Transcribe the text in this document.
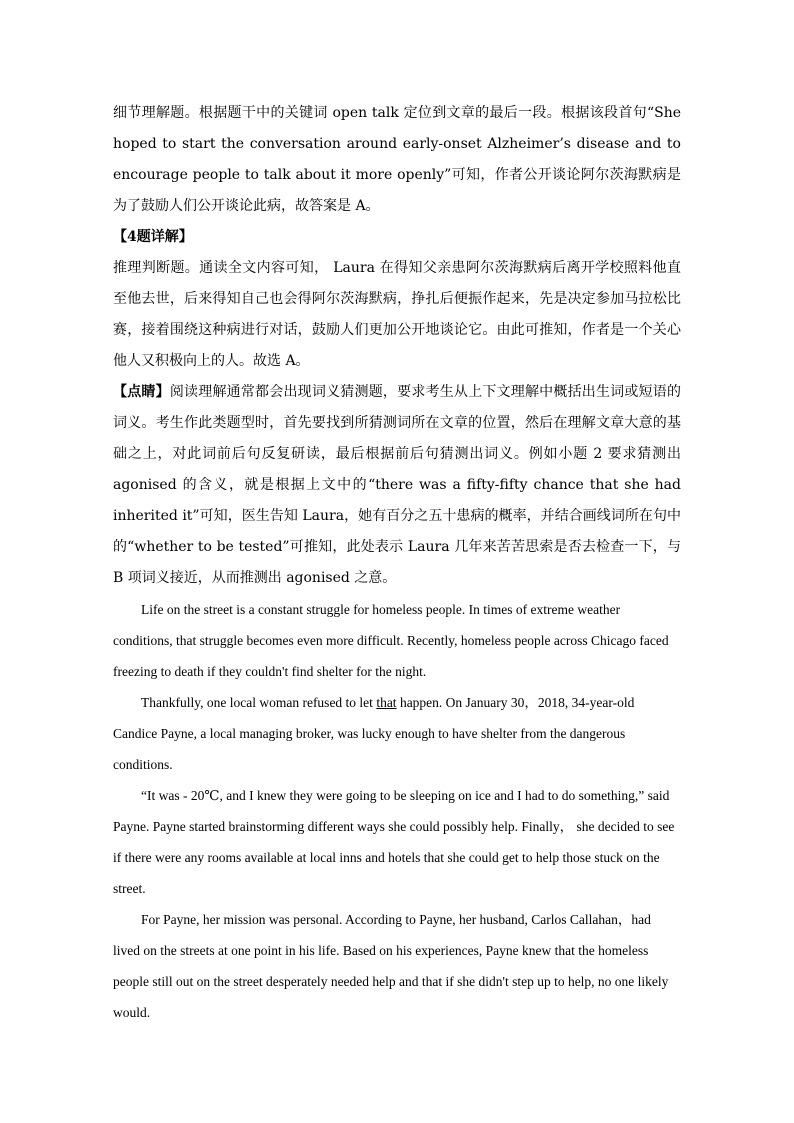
细节理解题。根据题干中的关键词 open talk 定位到文章的最后一段。根据该段首句“She hoped to start the conversation around early-onset Alzheimer’s disease and to encourage people to talk about it more openly”可知，作者公开谈论阿尔茨海默病是为了鼓励人们公开谈论此病，故答案是 A。

【4题详解】

推理判断题。通读全文内容可知， Laura 在得知父亲患阿尔茨海默病后离开学校照料他直至他去世，后来得知自己也会得阿尔茨海默病，挣扎后便振作起来，先是决定参加马拉松比赛，接着围绕这种病进行对话，鼓励人们更加公开地谈论它。由此可推知，作者是一个关心他人又积极向上的人。故选 A。

【点睛】阅读理解通常都会出现词义猜测题，要求考生从上下文理解中概括出生词或短语的词义。考生作此类题型时，首先要找到所猜测词所在文章的位置，然后在理解文章大意的基础之上，对此词前后句反复研读，最后根据前后句猜测出词义。例如小题 2 要求猜测出 agonised 的含义，就是根据上文中的“there was a fifty-fifty chance that she had inherited it”可知，医生告知 Laura，她有百分之五十患病的概率，并结合画线词所在句中的“whether to be tested”可推知，此处表示 Laura 几年来苦苦思索是否去检查一下，与 B 项词义接近，从而推测出 agonised 之意。

Life on the street is a constant struggle for homeless people. In times of extreme weather conditions, that struggle becomes even more difficult. Recently, homeless people across Chicago faced freezing to death if they couldn't find shelter for the night.

Thankfully, one local woman refused to let that happen. On January 30，2018, 34-year-old Candice Payne, a local managing broker, was lucky enough to have shelter from the dangerous conditions.

“It was - 20℃, and I knew they were going to be sleeping on ice and I had to do something,” said Payne. Payne started brainstorming different ways she could possibly help. Finally， she decided to see if there were any rooms available at local inns and hotels that she could get to help those stuck on the street.

For Payne, her mission was personal. According to Payne, her husband, Carlos Callahan，had lived on the streets at one point in his life. Based on his experiences, Payne knew that the homeless people still out on the street desperately needed help and that if she didn't step up to help, no one likely would.
